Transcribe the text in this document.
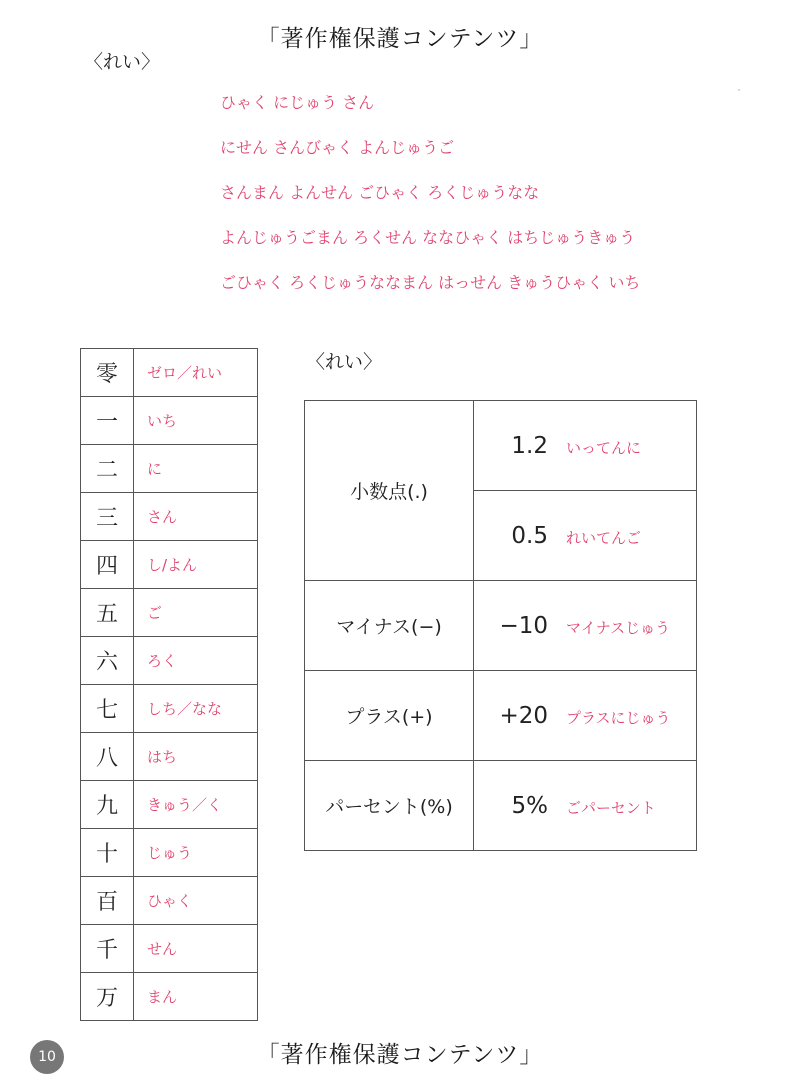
「著作権保護コンテンツ」
〈れい〉
ひゃく にじゅう さん
にせん さんびゃく よんじゅうご
さんまん よんせん ごひゃく ろくじゅうなな
よんじゅうごまん ろくせん ななひゃく はちじゅうきゅう
ごひゃく ろくじゅうななまん はっせん きゅうひゃく いち
零	ゼロ／れい
一	いち
二	に
三	さん
四	し/よん
五	ご
六	ろく
七	しち／なな
八	はち
九	きゅう／く
十	じゅう
百	ひゃく
千	せん
万	まん
〈れい〉
小数点(.)	1.2 いってんに
	0.5 れいてんご
マイナス(−)	−10 マイナスじゅう
プラス(+)	+20 プラスにじゅう
パーセント(%)	5% ごパーセント
10	「著作権保護コンテンツ」
